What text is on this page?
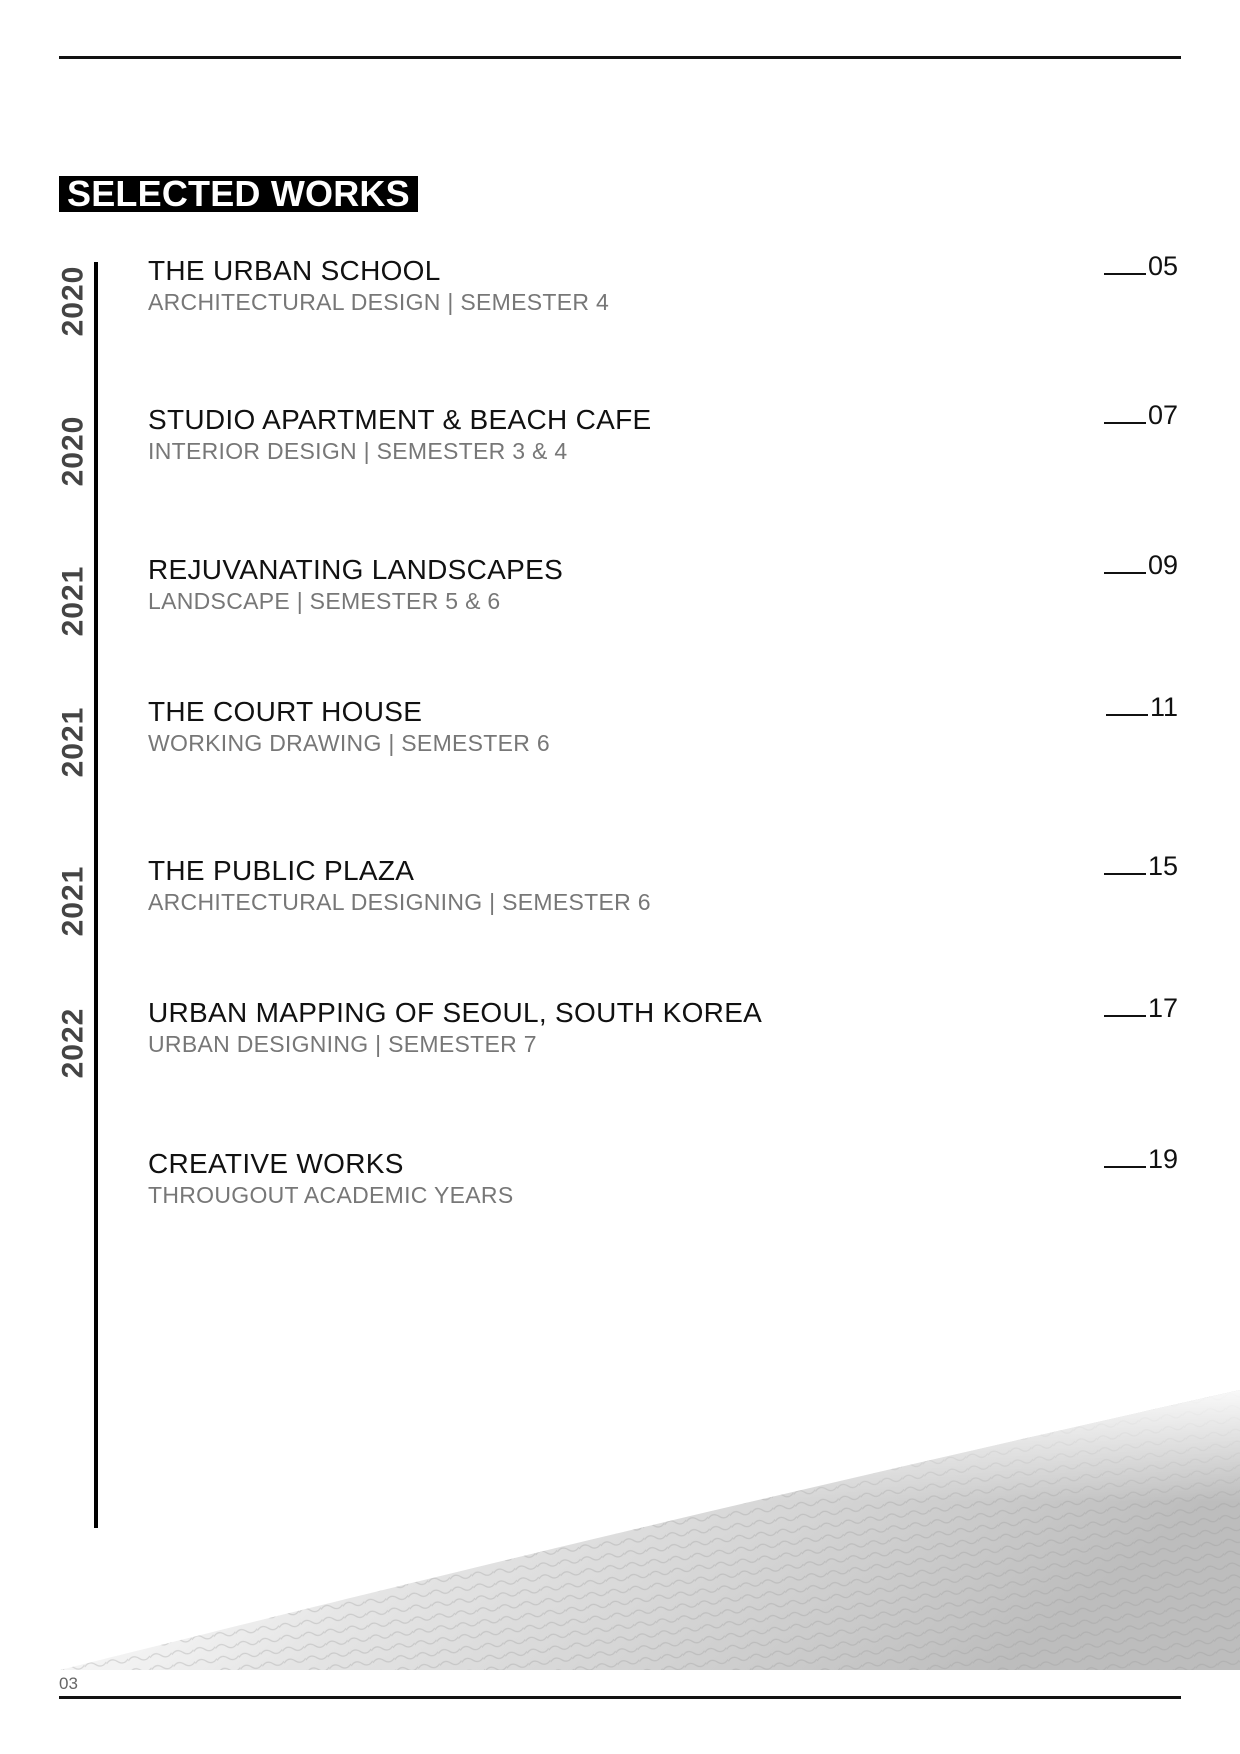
SELECTED WORKS
2020
2020
2021
2021
2021
2022
THE URBAN SCHOOL
ARCHITECTURAL DESIGN | SEMESTER 4
05
STUDIO APARTMENT & BEACH CAFE
INTERIOR DESIGN | SEMESTER 3 & 4
07
REJUVANATING LANDSCAPES
LANDSCAPE | SEMESTER 5 & 6
09
THE COURT HOUSE
WORKING DRAWING | SEMESTER 6
11
THE PUBLIC PLAZA
ARCHITECTURAL DESIGNING | SEMESTER 6
15
URBAN MAPPING OF SEOUL, SOUTH KOREA
URBAN DESIGNING | SEMESTER 7
17
CREATIVE WORKS
THROUGOUT ACADEMIC YEARS
19
03
